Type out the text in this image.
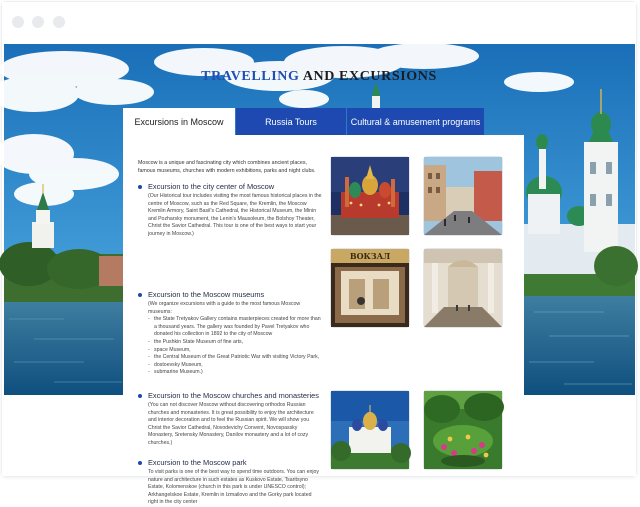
TRAVELLING AND EXCURSIONS
Excursions in Moscow	Russia Tours	Cultural & amusement programs

Moscow is a unique and fascinating city which combines ancient places, famous museums, churches with modern exhibitions, parks and night clubs.

Excursion to the city center of Moscow

(Our Historical tour includes visiting the most famous historical places in the centre of Moscow, such as the Red Square, the Kremlin, the Moscow Kremlin Armory, Saint Basil's Cathedral, the Historical Museum, the Minin and Pozharsky monument, the Lenin's Mausoleum, the Bolshoy Theater, Christ the Savior Cathedral. This tour is one of the best ways to start your journey in Moscow.)

Excursion to the Moscow museums

(We organize excursions with a guide to the most famous Moscow museums:

- the State Tretyakov Gallery contains masterpieces created for more than a thousand years. The gallery was founded by Pavel Tretyakov who donated his collection in 1892 to the city of Moscow
- the Pushkin State Museum of fine arts,
- space Museum,
- the Central Museum of the Great Patriotic War with visiting Victory Park,
- dostoevsky Museum,
- submarine Museum.)
Excursion to the Moscow churches and monasteries

(You can not discover Moscow without discovering orthodox Russian churches and monasteries. It is great possibility to enjoy the architecture and interior decoration and to feel the Russian spirit. We will show you Christ the Savior Cathedral, Novodevichy Convent, Novospassky Monastery, Sretensky Monastery, Danilov monastery and a lot of cozy churches.)

Excursion to the Moscow park

To visit parks is one of the best way to spend time outdoors. You can enjoy nature and architecture in such estates as Kuskovo Estate, Tsaritsyno Estate, Kolomenskoe (church in this park is under UNESCO control); Arkhangelskoe Estate, Kremlin in Izmailovo and the Gorky park located right in the city center

ВОКЗАЛ
